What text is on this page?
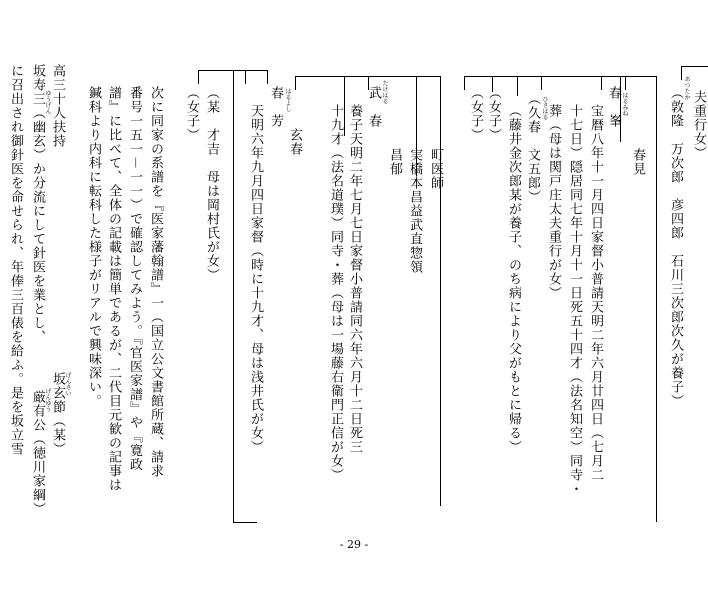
夫重行女）
（敦隆　万次郎　彦四郎　石川三次郎次久が養子）
春見
春　峯
宝暦八年十一月四日家督小普請天明二年六月廿四日（七月二
十七日）隠居同七年十月十一日死五十四才（法名知空）同寺・
葬（母は関戸庄太夫重行が女）
（久春　文五郎）
（藤井金次郎某が養子、のち病により父がもとに帰る）
（女子）
（女子）
町医師
実橋本昌益武直惣領
昌郁
武　春
養子天明二年七月七日家督小普請同六年六月十二日死三
十九才（法名道璞）同寺・葬（母は一場藤右衛門正信が女）
玄春
春　芳
天明六年九月四日家督（時に十九才、母は浅井氏が女）
（某　才吉　母は岡村氏が女）
（女子）
次に同家の系譜を『医家藩翰譜』一（国立公文書館所蔵、請求
番号一五一－一一）で確認してみよう。『官医家譜』や『寛政
譜』に比べて、全体の記載は簡単であるが、二代目元歓の記事は
鍼科より内科に転科した様子がリアルで興味深い。
坂玄節（某）
高三十人扶持
厳有公（徳川家綱）
坂寿三（幽玄）か分流にして針医を業とし、
に召出され御針医を命せられ、年俸三百俵を給ふ。是を坂立雪	あつたか
はるみね
ひさはる
たけはる
はるよし
げんさい
ゆうげん
げんゆう
- 29 -
